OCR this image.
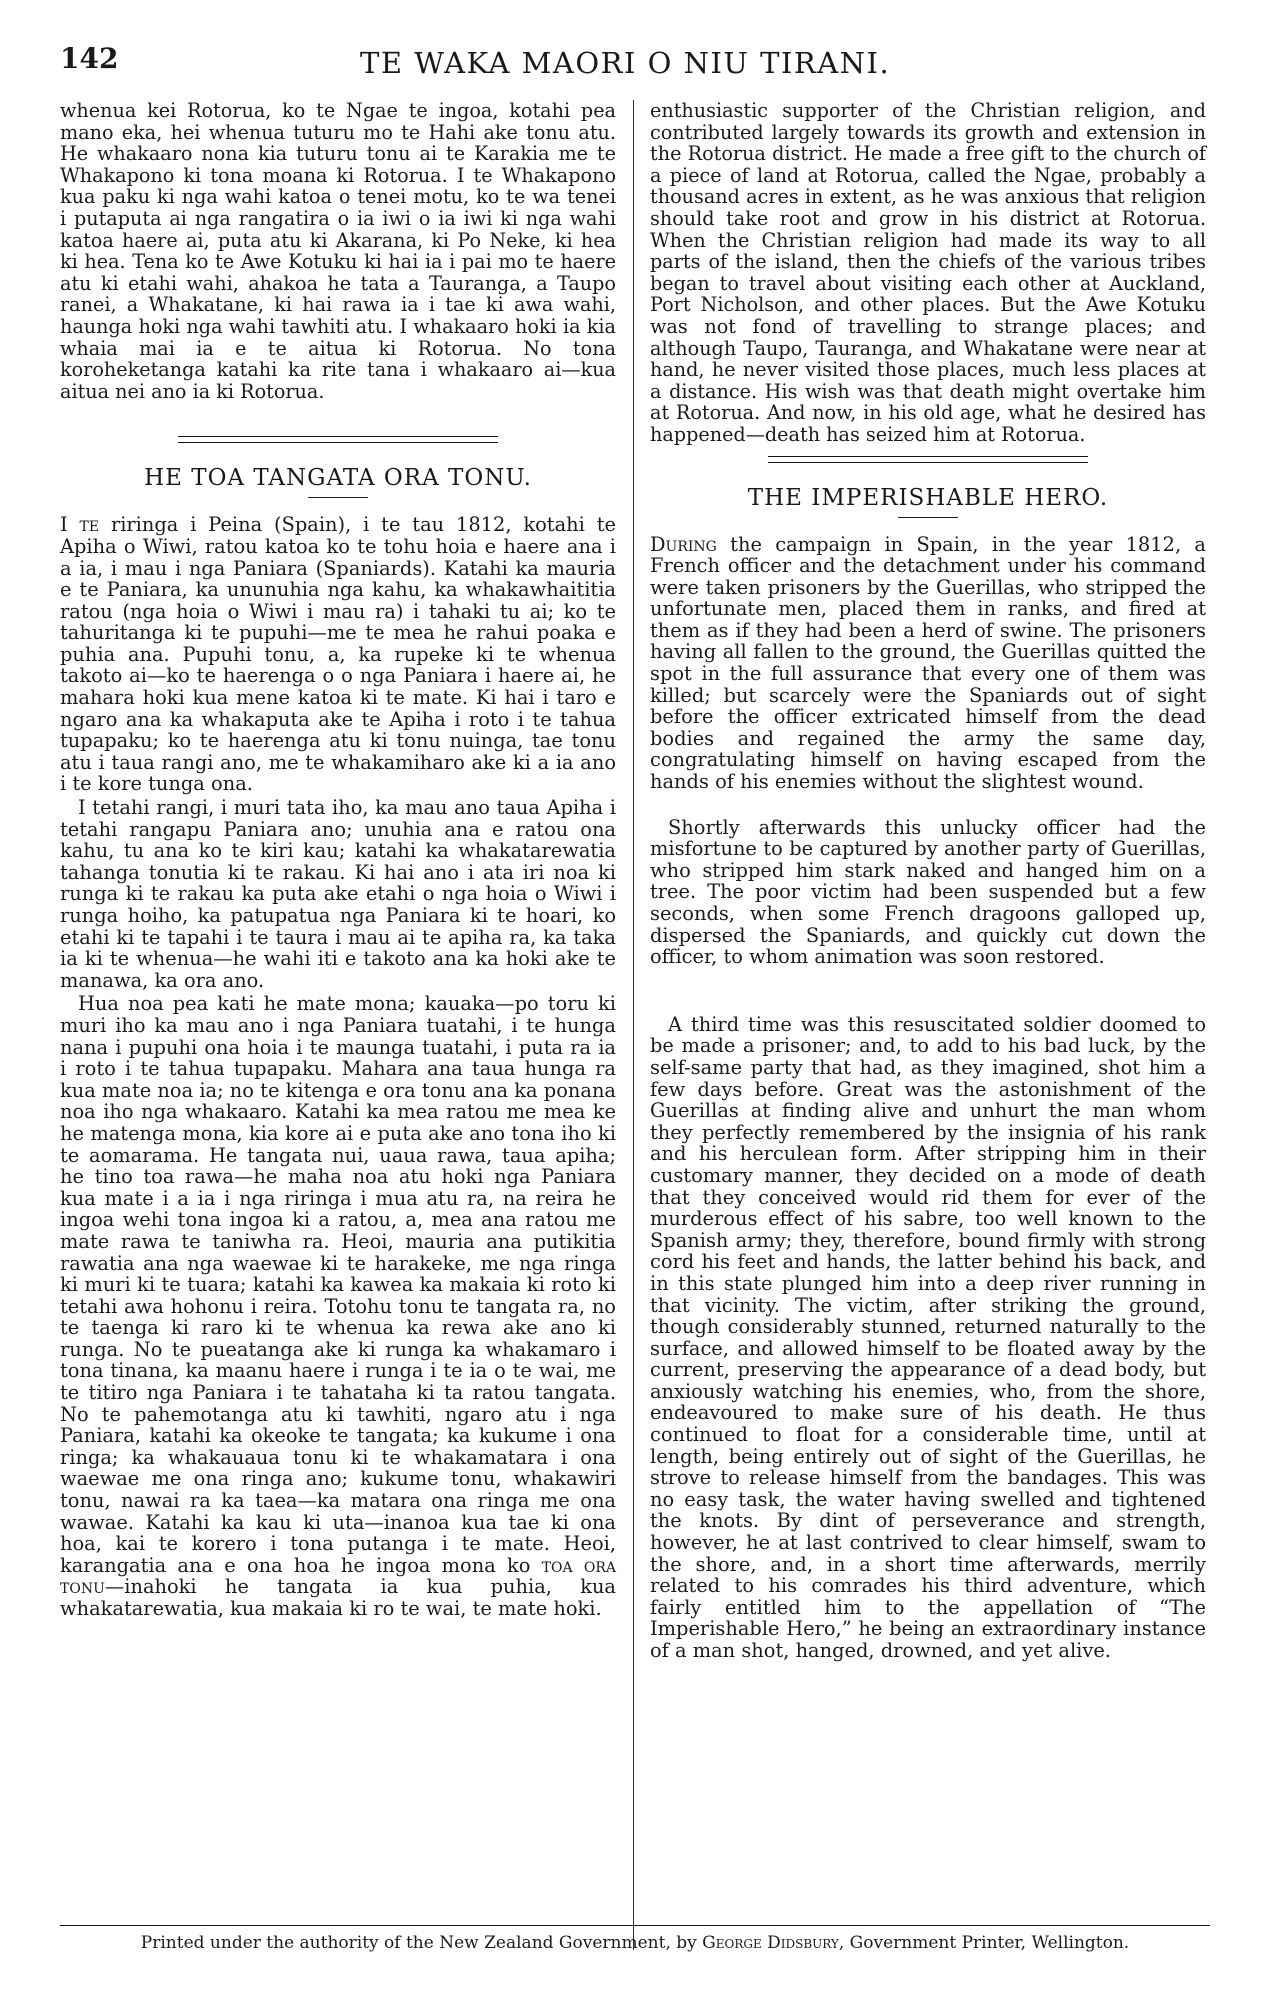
142	TE WAKA MAORI O NIU TIRANI.

whenua kei Rotorua, ko te Ngae te ingoa, kotahi pea mano eka, hei whenua tuturu mo te Hahi ake tonu atu. He whakaaro nona kia tuturu tonu ai te Karakia me te Whakapono ki tona moana ki Rotorua. I te Whakapono kua paku ki nga wahi katoa o tenei motu, ko te wa tenei i putaputa ai nga rangatira o ia iwi o ia iwi ki nga wahi katoa haere ai, puta atu ki Akarana, ki Po Neke, ki hea ki hea. Tena ko te Awe Kotuku ki hai ia i pai mo te haere atu ki etahi wahi, ahakoa he tata a Tauranga, a Taupo ranei, a Whakatane, ki hai rawa ia i tae ki awa wahi, haunga hoki nga wahi tawhiti atu. I whakaaro hoki ia kia whaia mai ia e te aitua ki Rotorua. No tona koroheketanga katahi ka rite tana i whakaaro ai—kua aitua nei ano ia ki Rotorua.

HE TOA TANGATA ORA TONU.

I te riringa i Peina (Spain), i te tau 1812, kotahi te Apiha o Wiwi, ratou katoa ko te tohu hoia e haere ana i a ia, i mau i nga Paniara (Spaniards). Katahi ka mauria e te Paniara, ka ununuhia nga kahu, ka whakawhaititia ratou (nga hoia o Wiwi i mau ra) i tahaki tu ai; ko te tahuritanga ki te pupuhi—me te mea he rahui poaka e puhia ana. Pupuhi tonu, a, ka rupeke ki te whenua takoto ai—ko te haerenga o o nga Paniara i haere ai, he mahara hoki kua mene katoa ki te mate. Ki hai i taro e ngaro ana ka whakaputa ake te Apiha i roto i te tahua tupapaku; ko te haerenga atu ki tonu nuinga, tae tonu atu i taua rangi ano, me te whakamiharo ake ki a ia ano i te kore tunga ona.

I tetahi rangi, i muri tata iho, ka mau ano taua Apiha i tetahi rangapu Paniara ano; unuhia ana e ratou ona kahu, tu ana ko te kiri kau; katahi ka whakatarewatia tahanga tonutia ki te rakau. Ki hai ano i ata iri noa ki runga ki te rakau ka puta ake etahi o nga hoia o Wiwi i runga hoiho, ka patupatua nga Paniara ki te hoari, ko etahi ki te tapahi i te taura i mau ai te apiha ra, ka taka ia ki te whenua—he wahi iti e takoto ana ka hoki ake te manawa, ka ora ano.

Hua noa pea kati he mate mona; kauaka—po toru ki muri iho ka mau ano i nga Paniara tuatahi, i te hunga nana i pupuhi ona hoia i te maunga tuatahi, i puta ra ia i roto i te tahua tupapaku. Mahara ana taua hunga ra kua mate noa ia; no te kitenga e ora tonu ana ka ponana noa iho nga whakaaro. Katahi ka mea ratou me mea ke he matenga mona, kia kore ai e puta ake ano tona iho ki te aomarama. He tangata nui, uaua rawa, taua apiha; he tino toa rawa—he maha noa atu hoki nga Paniara kua mate i a ia i nga riringa i mua atu ra, na reira he ingoa wehi tona ingoa ki a ratou, a, mea ana ratou me mate rawa te taniwha ra. Heoi, mauria ana putikitia rawatia ana nga waewae ki te harakeke, me nga ringa ki muri ki te tuara; katahi ka kawea ka makaia ki roto ki tetahi awa hohonu i reira. Totohu tonu te tangata ra, no te taenga ki raro ki te whenua ka rewa ake ano ki runga. No te pueatanga ake ki runga ka whakamaro i tona tinana, ka maanu haere i runga i te ia o te wai, me te titiro nga Paniara i te tahataha ki ta ratou tangata. No te pahemotanga atu ki tawhiti, ngaro atu i nga Paniara, katahi ka okeoke te tangata; ka kukume i ona ringa; ka whakauaua tonu ki te whakamatara i ona waewae me ona ringa ano; kukume tonu, whakawiri tonu, nawai ra ka taea—ka matara ona ringa me ona wawae. Katahi ka kau ki uta—inanoa kua tae ki ona hoa, kai te korero i tona putanga i te mate. Heoi, karangatia ana e ona hoa he ingoa mona ko toa ora tonu—inahoki he tangata ia kua puhia, kua whakatarewatia, kua makaia ki ro te wai, te mate hoki.

enthusiastic supporter of the Christian religion, and contributed largely towards its growth and extension in the Rotorua district. He made a free gift to the church of a piece of land at Rotorua, called the Ngae, probably a thousand acres in extent, as he was anxious that religion should take root and grow in his district at Rotorua. When the Christian religion had made its way to all parts of the island, then the chiefs of the various tribes began to travel about visiting each other at Auckland, Port Nicholson, and other places. But the Awe Kotuku was not fond of travelling to strange places; and although Taupo, Tauranga, and Whakatane were near at hand, he never visited those places, much less places at a distance. His wish was that death might overtake him at Rotorua. And now, in his old age, what he desired has happened—death has seized him at Rotorua.

THE IMPERISHABLE HERO.

During the campaign in Spain, in the year 1812, a French officer and the detachment under his command were taken prisoners by the Guerillas, who stripped the unfortunate men, placed them in ranks, and fired at them as if they had been a herd of swine. The prisoners having all fallen to the ground, the Guerillas quitted the spot in the full assurance that every one of them was killed; but scarcely were the Spaniards out of sight before the officer extricated himself from the dead bodies and regained the army the same day, congratulating himself on having escaped from the hands of his enemies without the slightest wound.

Shortly afterwards this unlucky officer had the misfortune to be captured by another party of Guerillas, who stripped him stark naked and hanged him on a tree. The poor victim had been suspended but a few seconds, when some French dragoons galloped up, dispersed the Spaniards, and quickly cut down the officer, to whom animation was soon restored.

A third time was this resuscitated soldier doomed to be made a prisoner; and, to add to his bad luck, by the self-same party that had, as they imagined, shot him a few days before. Great was the astonishment of the Guerillas at finding alive and unhurt the man whom they perfectly remembered by the insignia of his rank and his herculean form. After stripping him in their customary manner, they decided on a mode of death that they conceived would rid them for ever of the murderous effect of his sabre, too well known to the Spanish army; they, therefore, bound firmly with strong cord his feet and hands, the latter behind his back, and in this state plunged him into a deep river running in that vicinity. The victim, after striking the ground, though considerably stunned, returned naturally to the surface, and allowed himself to be floated away by the current, preserving the appearance of a dead body, but anxiously watching his enemies, who, from the shore, endeavoured to make sure of his death. He thus continued to float for a considerable time, until at length, being entirely out of sight of the Guerillas, he strove to release himself from the bandages. This was no easy task, the water having swelled and tightened the knots. By dint of perseverance and strength, however, he at last contrived to clear himself, swam to the shore, and, in a short time afterwards, merrily related to his comrades his third adventure, which fairly entitled him to the appellation of “The Imperishable Hero,” he being an extraordinary instance of a man shot, hanged, drowned, and yet alive.

Printed under the authority of the New Zealand Government, by George Didsbury, Government Printer, Wellington.
